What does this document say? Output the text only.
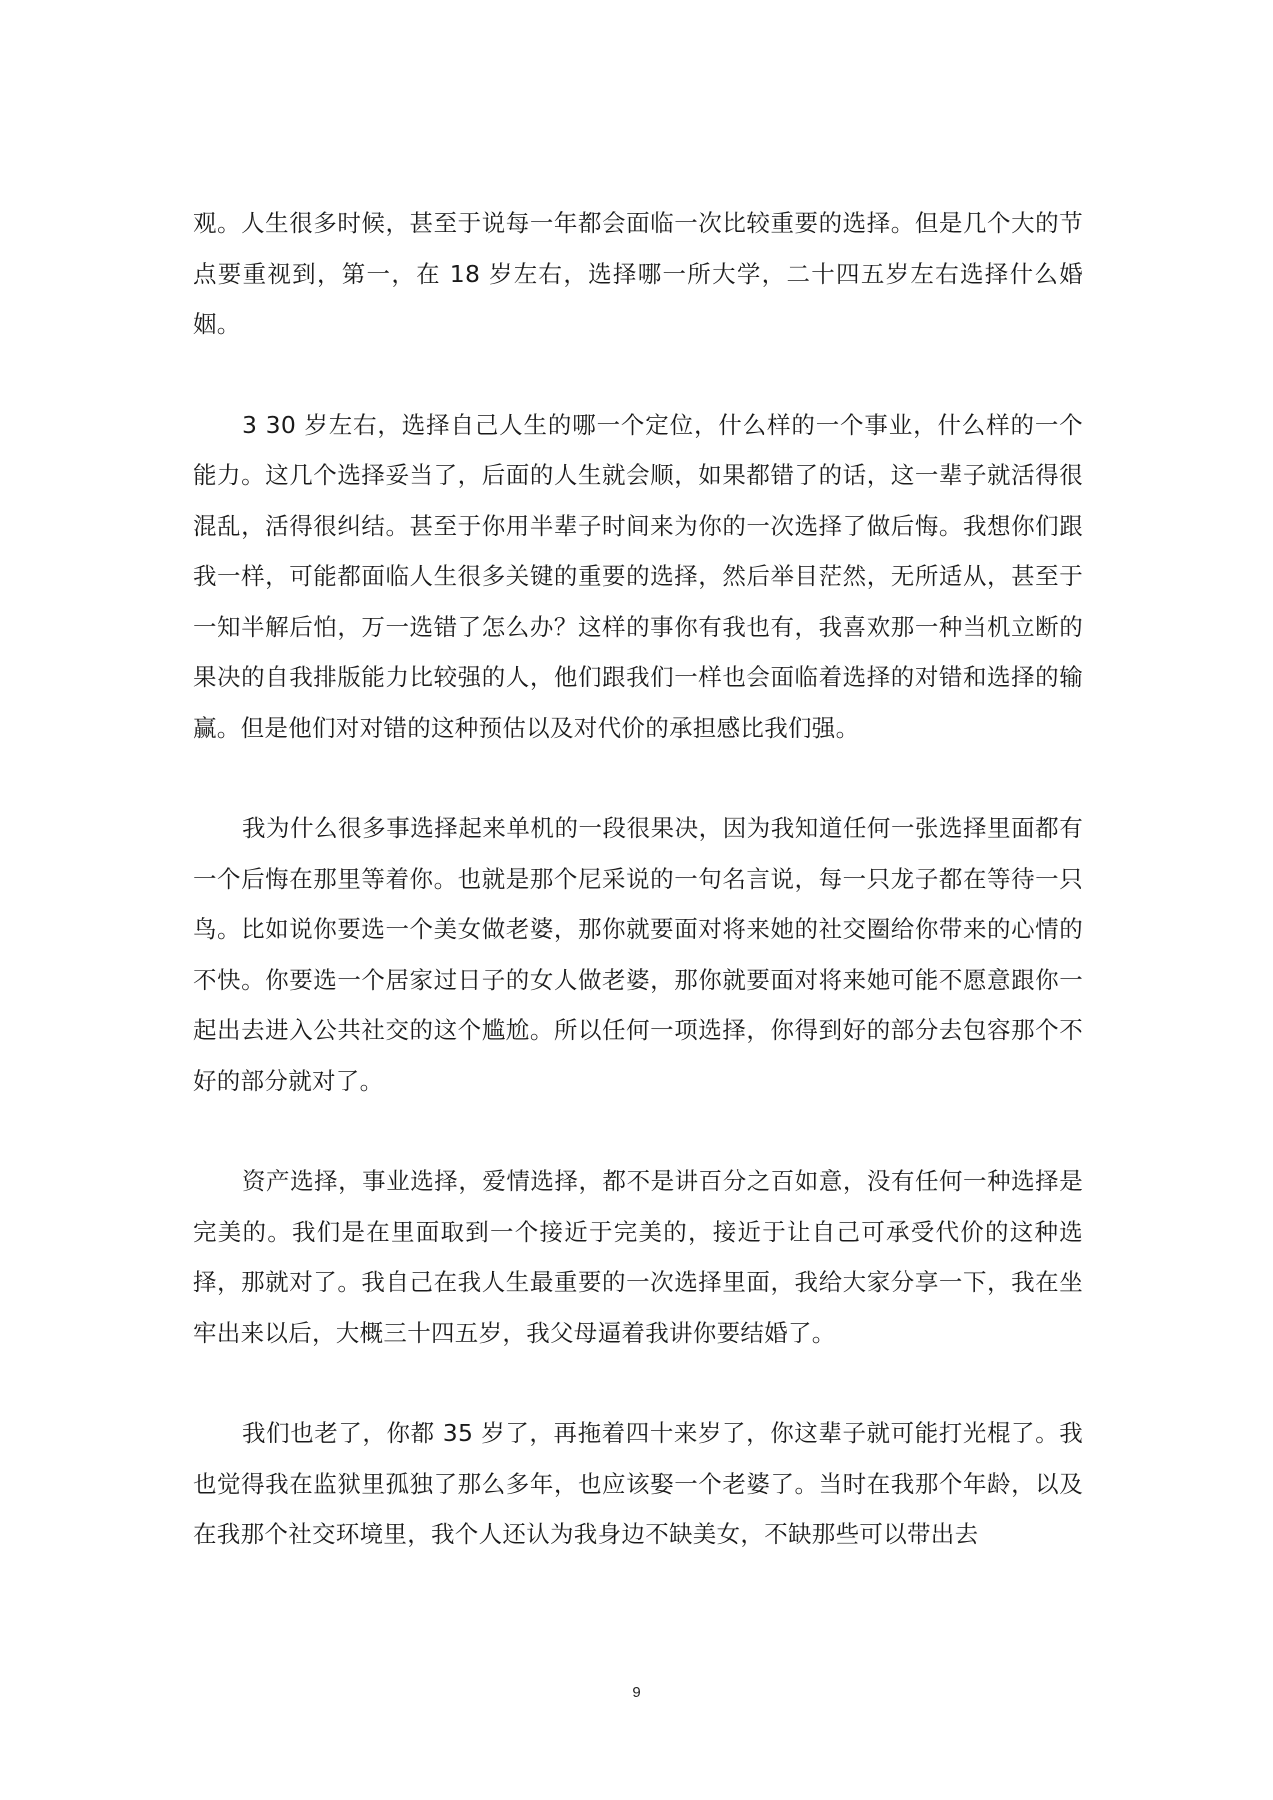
观。人生很多时候，甚至于说每一年都会面临一次比较重要的选择。但是几个大的节点要重视到，第一，在 18 岁左右，选择哪一所大学，二十四五岁左右选择什么婚姻。

3 30 岁左右，选择自己人生的哪一个定位，什么样的一个事业，什么样的一个能力。这几个选择妥当了，后面的人生就会顺，如果都错了的话，这一辈子就活得很混乱，活得很纠结。甚至于你用半辈子时间来为你的一次选择了做后悔。我想你们跟我一样，可能都面临人生很多关键的重要的选择，然后举目茫然，无所适从，甚至于一知半解后怕，万一选错了怎么办？这样的事你有我也有，我喜欢那一种当机立断的果决的自我排版能力比较强的人，他们跟我们一样也会面临着选择的对错和选择的输赢。但是他们对对错的这种预估以及对代价的承担感比我们强。

我为什么很多事选择起来单机的一段很果决，因为我知道任何一张选择里面都有一个后悔在那里等着你。也就是那个尼采说的一句名言说，每一只龙子都在等待一只鸟。比如说你要选一个美女做老婆，那你就要面对将来她的社交圈给你带来的心情的不快。你要选一个居家过日子的女人做老婆，那你就要面对将来她可能不愿意跟你一起出去进入公共社交的这个尴尬。所以任何一项选择，你得到好的部分去包容那个不好的部分就对了。

资产选择，事业选择，爱情选择，都不是讲百分之百如意，没有任何一种选择是完美的。我们是在里面取到一个接近于完美的，接近于让自己可承受代价的这种选择，那就对了。我自己在我人生最重要的一次选择里面，我给大家分享一下，我在坐牢出来以后，大概三十四五岁，我父母逼着我讲你要结婚了。

我们也老了，你都 35 岁了，再拖着四十来岁了，你这辈子就可能打光棍了。我也觉得我在监狱里孤独了那么多年，也应该娶一个老婆了。当时在我那个年龄，以及在我那个社交环境里，我个人还认为我身边不缺美女，不缺那些可以带出去

9
